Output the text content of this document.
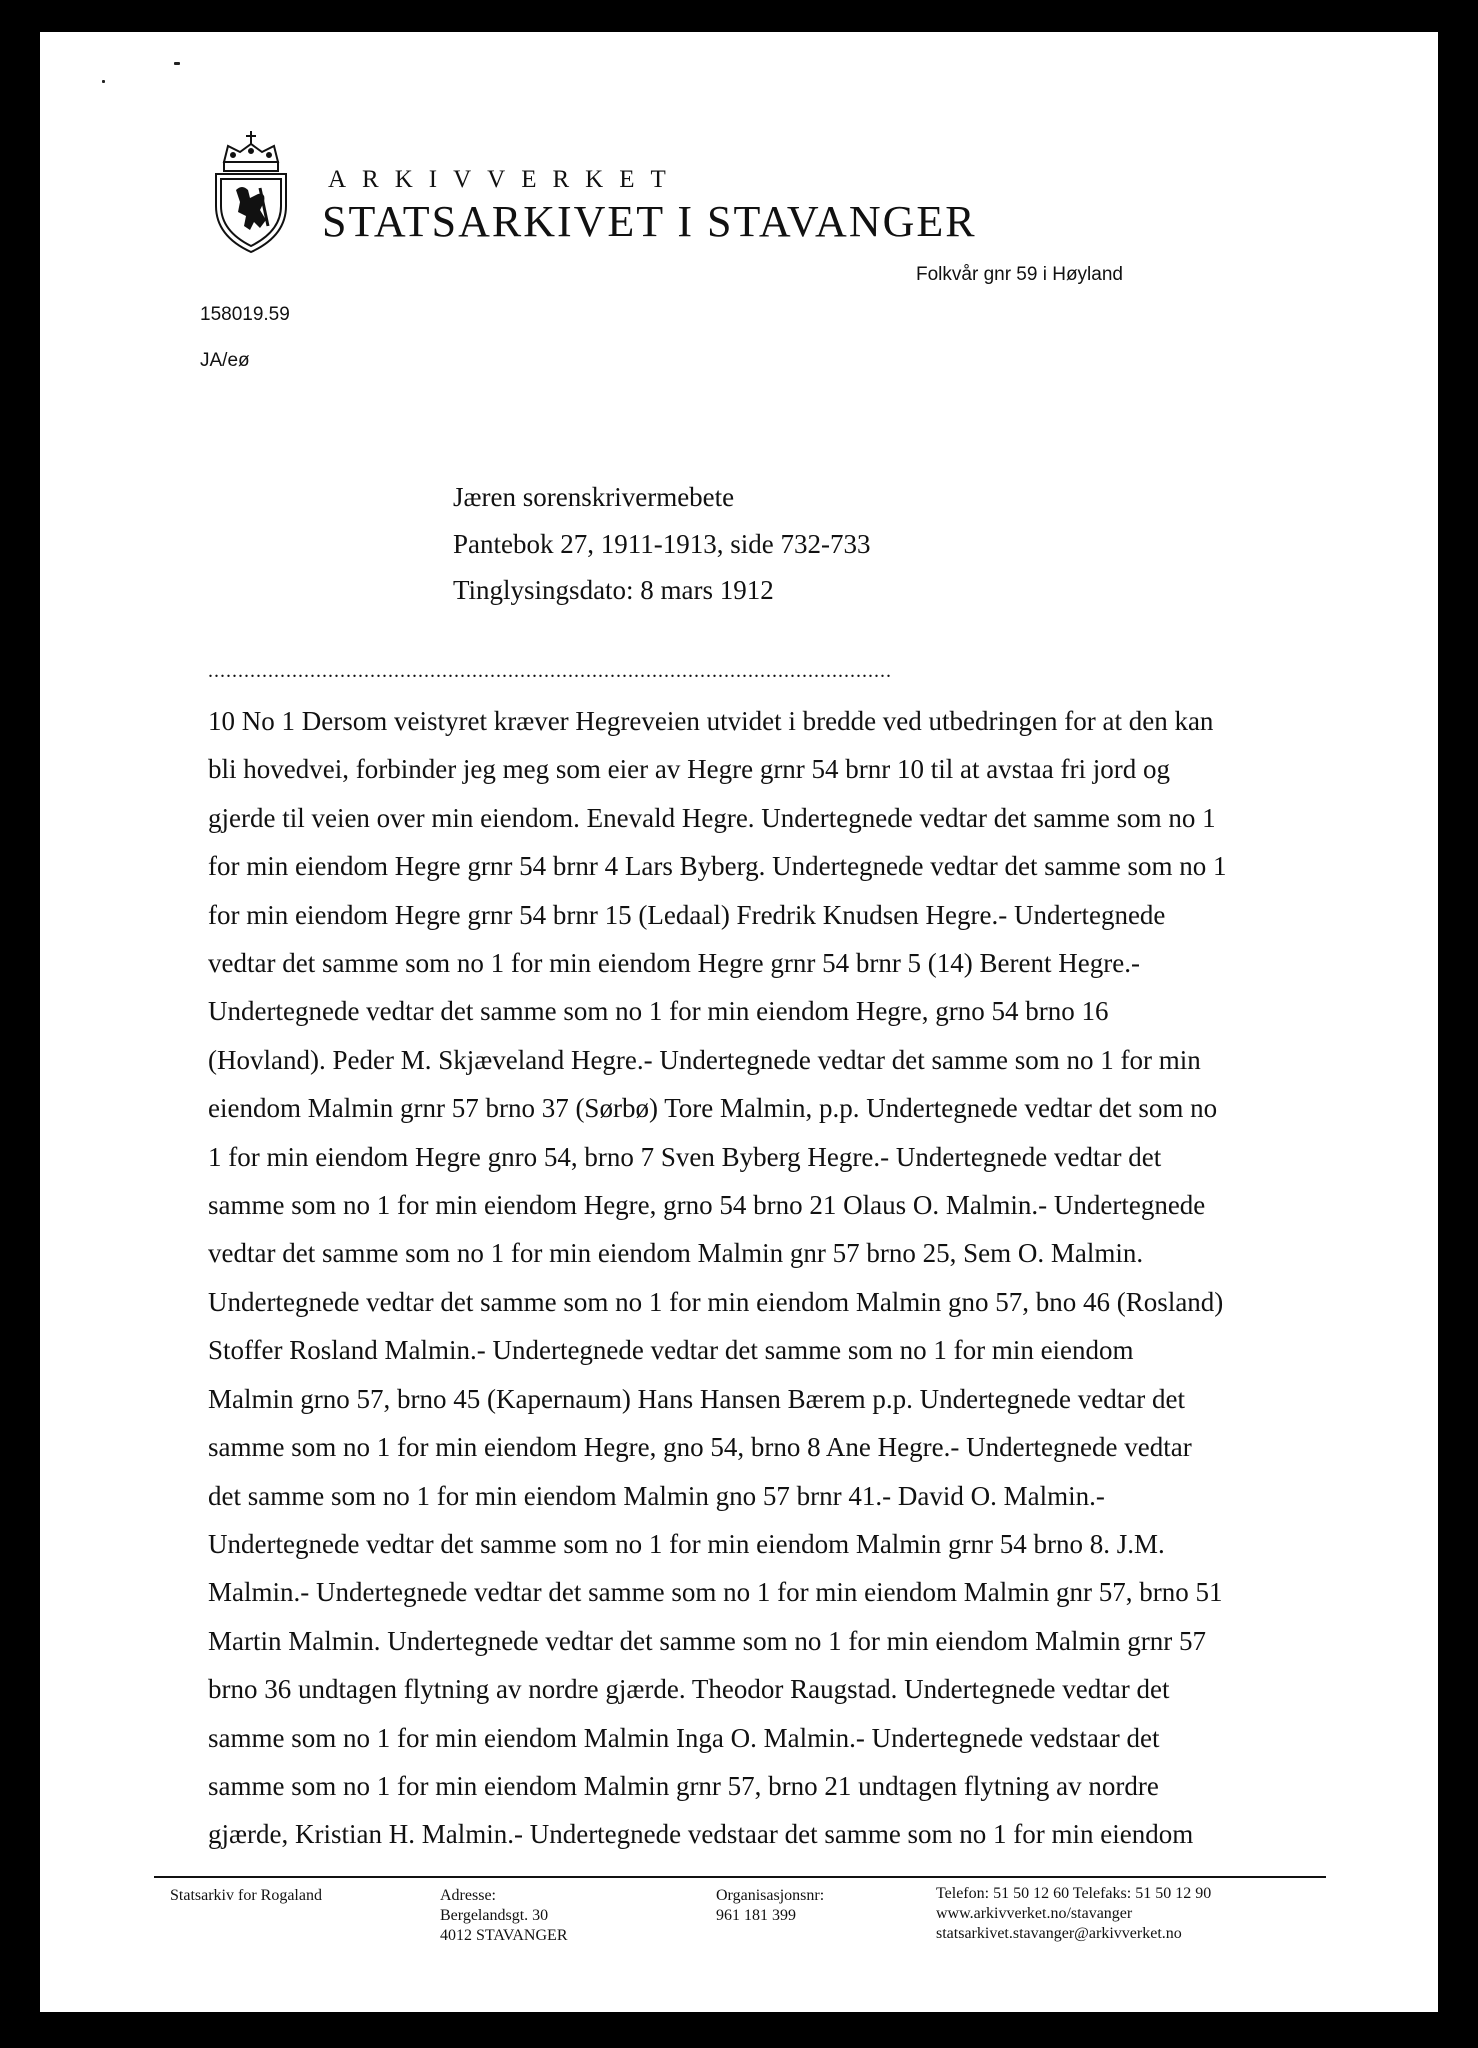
ARKIVVERKET
STATSARKIVET I STAVANGER
Folkvår gnr 59 i Høyland
158019.59
JA/eø
Jæren sorenskrivermebete
Pantebok 27, 1911-1913, side 732-733
Tinglysingsdato: 8 mars 1912
..................................................................................................................
10 No 1 Dersom veistyret kræver Hegreveien utvidet i bredde ved utbedringen for at den kan
bli hovedvei, forbinder jeg meg som eier av Hegre grnr 54 brnr 10 til at avstaa fri jord og
gjerde til veien over min eiendom. Enevald Hegre. Undertegnede vedtar det samme som no 1
for min eiendom Hegre grnr 54 brnr 4 Lars Byberg. Undertegnede vedtar det samme som no 1
for min eiendom Hegre grnr 54 brnr 15 (Ledaal) Fredrik Knudsen Hegre.- Undertegnede
vedtar det samme som no 1 for min eiendom Hegre grnr 54 brnr 5 (14) Berent Hegre.-
Undertegnede vedtar det samme som no 1 for min eiendom Hegre, grno 54 brno 16
(Hovland). Peder M. Skjæveland Hegre.- Undertegnede vedtar det samme som no 1 for min
eiendom Malmin grnr 57 brno 37 (Sørbø) Tore Malmin, p.p. Undertegnede vedtar det som no
1 for min eiendom Hegre gnro 54, brno 7 Sven Byberg Hegre.- Undertegnede vedtar det
samme som no 1 for min eiendom Hegre, grno 54 brno 21 Olaus O. Malmin.- Undertegnede
vedtar det samme som no 1 for min eiendom Malmin gnr 57 brno 25, Sem O. Malmin.
Undertegnede vedtar det samme som no 1 for min eiendom Malmin gno 57, bno 46 (Rosland)
Stoffer Rosland Malmin.- Undertegnede vedtar det samme som no 1 for min eiendom
Malmin grno 57, brno 45 (Kapernaum) Hans Hansen Bærem p.p. Undertegnede vedtar det
samme som no 1 for min eiendom Hegre, gno 54, brno 8 Ane Hegre.- Undertegnede vedtar
det samme som no 1 for min eiendom Malmin gno 57 brnr 41.- David O. Malmin.-
Undertegnede vedtar det samme som no 1 for min eiendom Malmin grnr 54 brno 8. J.M.
Malmin.- Undertegnede vedtar det samme som no 1 for min eiendom Malmin gnr 57, brno 51
Martin Malmin. Undertegnede vedtar det samme som no 1 for min eiendom Malmin grnr 57
brno 36 undtagen flytning av nordre gjærde. Theodor Raugstad. Undertegnede vedtar det
samme som no 1 for min eiendom Malmin Inga O. Malmin.- Undertegnede vedstaar det
samme som no 1 for min eiendom Malmin grnr 57, brno 21 undtagen flytning av nordre
gjærde, Kristian H. Malmin.- Undertegnede vedstaar det samme som no 1 for min eiendom
Statsarkiv for Rogaland	Adresse:
Bergelandsgt. 30
4012 STAVANGER
Organisasjonsnr:
961 181 399
Telefon: 51 50 12 60 Telefaks: 51 50 12 90
www.arkivverket.no/stavanger
statsarkivet.stavanger@arkivverket.no
